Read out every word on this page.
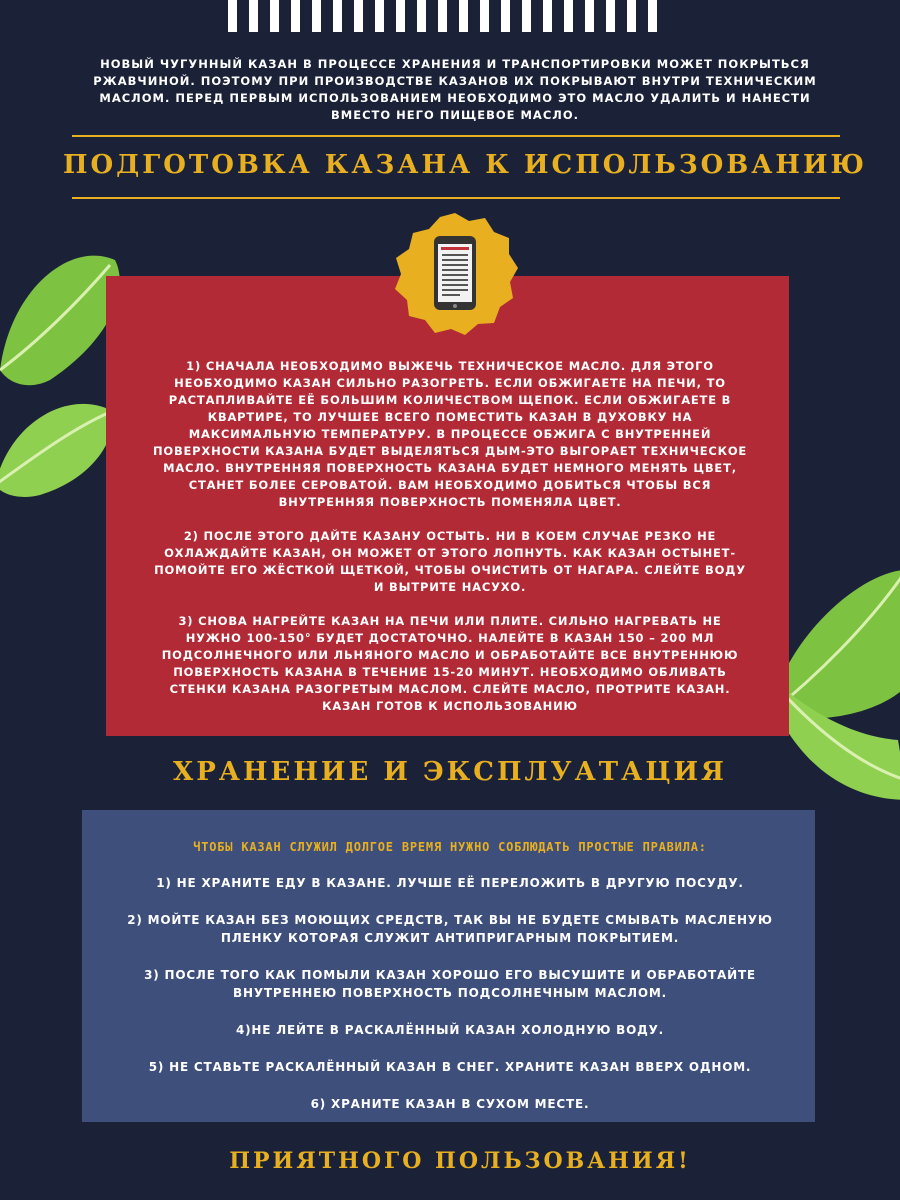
НОВЫЙ ЧУГУННЫЙ КАЗАН В ПРОЦЕССЕ ХРАНЕНИЯ И ТРАНСПОРТИРОВКИ МОЖЕТ ПОКРЫТЬСЯ РЖАВЧИНОЙ. ПОЭТОМУ ПРИ ПРОИЗВОДСТВЕ КАЗАНОВ ИХ ПОКРЫВАЮТ ВНУТРИ ТЕХНИЧЕСКИМ МАСЛОМ. ПЕРЕД ПЕРВЫМ ИСПОЛЬЗОВАНИЕМ НЕОБХОДИМО ЭТО МАСЛО УДАЛИТЬ И НАНЕСТИ ВМЕСТО НЕГО ПИЩЕВОЕ МАСЛО.
ПОДГОТОВКА КАЗАНА К ИСПОЛЬЗОВАНИЮ

1) СНАЧАЛА НЕОБХОДИМО ВЫЖЕЧЬ ТЕХНИЧЕСКОЕ МАСЛО. ДЛЯ ЭТОГО НЕОБХОДИМО КАЗАН СИЛЬНО РАЗОГРЕТЬ. ЕСЛИ ОБЖИГАЕТЕ НА ПЕЧИ, ТО РАСТАПЛИВАЙТЕ ЕЁ БОЛЬШИМ КОЛИЧЕСТВОМ ЩЕПОК. ЕСЛИ ОБЖИГАЕТЕ В КВАРТИРЕ, ТО ЛУЧШЕЕ ВСЕГО ПОМЕСТИТЬ КАЗАН В ДУХОВКУ НА МАКСИМАЛЬНУЮ ТЕМПЕРАТУРУ. В ПРОЦЕССЕ ОБЖИГА С ВНУТРЕННЕЙ ПОВЕРХНОСТИ КАЗАНА БУДЕТ ВЫДЕЛЯТЬСЯ ДЫМ-ЭТО ВЫГОРАЕТ ТЕХНИЧЕСКОЕ МАСЛО. ВНУТРЕННЯЯ ПОВЕРХНОСТЬ КАЗАНА БУДЕТ НЕМНОГО МЕНЯТЬ ЦВЕТ, СТАНЕТ БОЛЕЕ СЕРОВАТОЙ. ВАМ НЕОБХОДИМО ДОБИТЬСЯ ЧТОБЫ ВСЯ ВНУТРЕННЯЯ ПОВЕРХНОСТЬ ПОМЕНЯЛА ЦВЕТ.

2) ПОСЛЕ ЭТОГО ДАЙТЕ КАЗАНУ ОСТЫТЬ. НИ В КОЕМ СЛУЧАЕ РЕЗКО НЕ ОХЛАЖДАЙТЕ КАЗАН, ОН МОЖЕТ ОТ ЭТОГО ЛОПНУТЬ. КАК КАЗАН ОСТЫНЕТ- ПОМОЙТЕ ЕГО ЖЁСТКОЙ ЩЕТКОЙ, ЧТОБЫ ОЧИСТИТЬ ОТ НАГАРА. СЛЕЙТЕ ВОДУ И ВЫТРИТЕ НАСУХО.

3) СНОВА НАГРЕЙТЕ КАЗАН НА ПЕЧИ ИЛИ ПЛИТЕ. СИЛЬНО НАГРЕВАТЬ НЕ НУЖНО 100-150° БУДЕТ ДОСТАТОЧНО. НАЛЕЙТЕ В КАЗАН 150 – 200 МЛ ПОДСОЛНЕЧНОГО ИЛИ ЛЬНЯНОГО МАСЛО И ОБРАБОТАЙТЕ ВСЕ ВНУТРЕННЮЮ ПОВЕРХНОСТЬ КАЗАНА В ТЕЧЕНИЕ 15-20 МИНУТ. НЕОБХОДИМО ОБЛИВАТЬ СТЕНКИ КАЗАНА РАЗОГРЕТЫМ МАСЛОМ. СЛЕЙТЕ МАСЛО, ПРОТРИТЕ КАЗАН. КАЗАН ГОТОВ К ИСПОЛЬЗОВАНИЮ

ХРАНЕНИЕ И ЭКСПЛУАТАЦИЯ

ЧТОБЫ КАЗАН СЛУЖИЛ ДОЛГОЕ ВРЕМЯ НУЖНО СОБЛЮДАТЬ ПРОСТЫЕ ПРАВИЛА:

1) НЕ ХРАНИТЕ ЕДУ В КАЗАНЕ. ЛУЧШЕ ЕЁ ПЕРЕЛОЖИТЬ В ДРУГУЮ ПОСУДУ.

2) МОЙТЕ КАЗАН БЕЗ МОЮЩИХ СРЕДСТВ, ТАК ВЫ НЕ БУДЕТЕ СМЫВАТЬ МАСЛЕНУЮ ПЛЕНКУ КОТОРАЯ СЛУЖИТ АНТИПРИГАРНЫМ ПОКРЫТИЕМ.

3) ПОСЛЕ ТОГО КАК ПОМЫЛИ КАЗАН ХОРОШО ЕГО ВЫСУШИТЕ И ОБРАБОТАЙТЕ ВНУТРЕННЕЮ ПОВЕРХНОСТЬ ПОДСОЛНЕЧНЫМ МАСЛОМ.

4)НЕ ЛЕЙТЕ В РАСКАЛЁННЫЙ КАЗАН ХОЛОДНУЮ ВОДУ.

5) НЕ СТАВЬТЕ РАСКАЛЁННЫЙ КАЗАН В СНЕГ. ХРАНИТЕ КАЗАН ВВЕРХ ОДНОМ.

6) ХРАНИТЕ КАЗАН В СУХОМ МЕСТЕ.

ПРИЯТНОГО ПОЛЬЗОВАНИЯ!
